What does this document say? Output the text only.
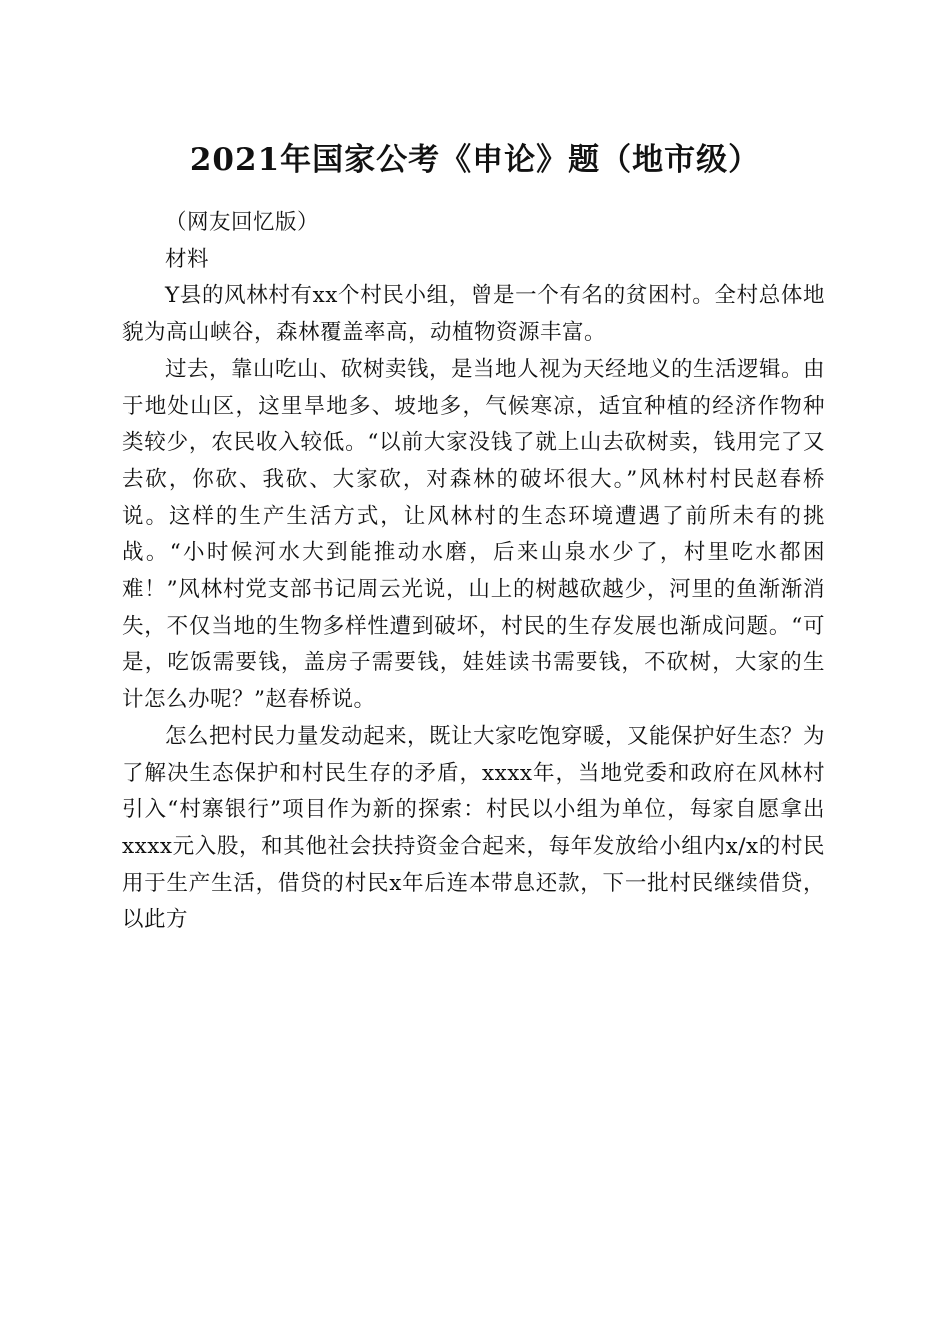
2021年国家公考《申论》题（地市级）

（网友回忆版）

材料

Y县的风林村有xx个村民小组，曾是一个有名的贫困村。全村总体地貌为高山峡谷，森林覆盖率高，动植物资源丰富。

过去，靠山吃山、砍树卖钱，是当地人视为天经地义的生活逻辑。由于地处山区，这里旱地多、坡地多，气候寒凉，适宜种植的经济作物种类较少，农民收入较低。“以前大家没钱了就上山去砍树卖，钱用完了又去砍，你砍、我砍、大家砍，对森林的破坏很大。”风林村村民赵春桥说。这样的生产生活方式，让风林村的生态环境遭遇了前所未有的挑战。“小时候河水大到能推动水磨，后来山泉水少了，村里吃水都困难！”风林村党支部书记周云光说，山上的树越砍越少，河里的鱼渐渐消失，不仅当地的生物多样性遭到破坏，村民的生存发展也渐成问题。“可是，吃饭需要钱，盖房子需要钱，娃娃读书需要钱，不砍树，大家的生计怎么办呢？”赵春桥说。

怎么把村民力量发动起来，既让大家吃饱穿暖，又能保护好生态？为了解决生态保护和村民生存的矛盾，xxxx年，当地党委和政府在风林村引入“村寨银行”项目作为新的探索：村民以小组为单位，每家自愿拿出xxxx元入股，和其他社会扶持资金合起来，每年发放给小组内x/x的村民用于生产生活，借贷的村民x年后连本带息还款，下一批村民继续借贷，以此方
